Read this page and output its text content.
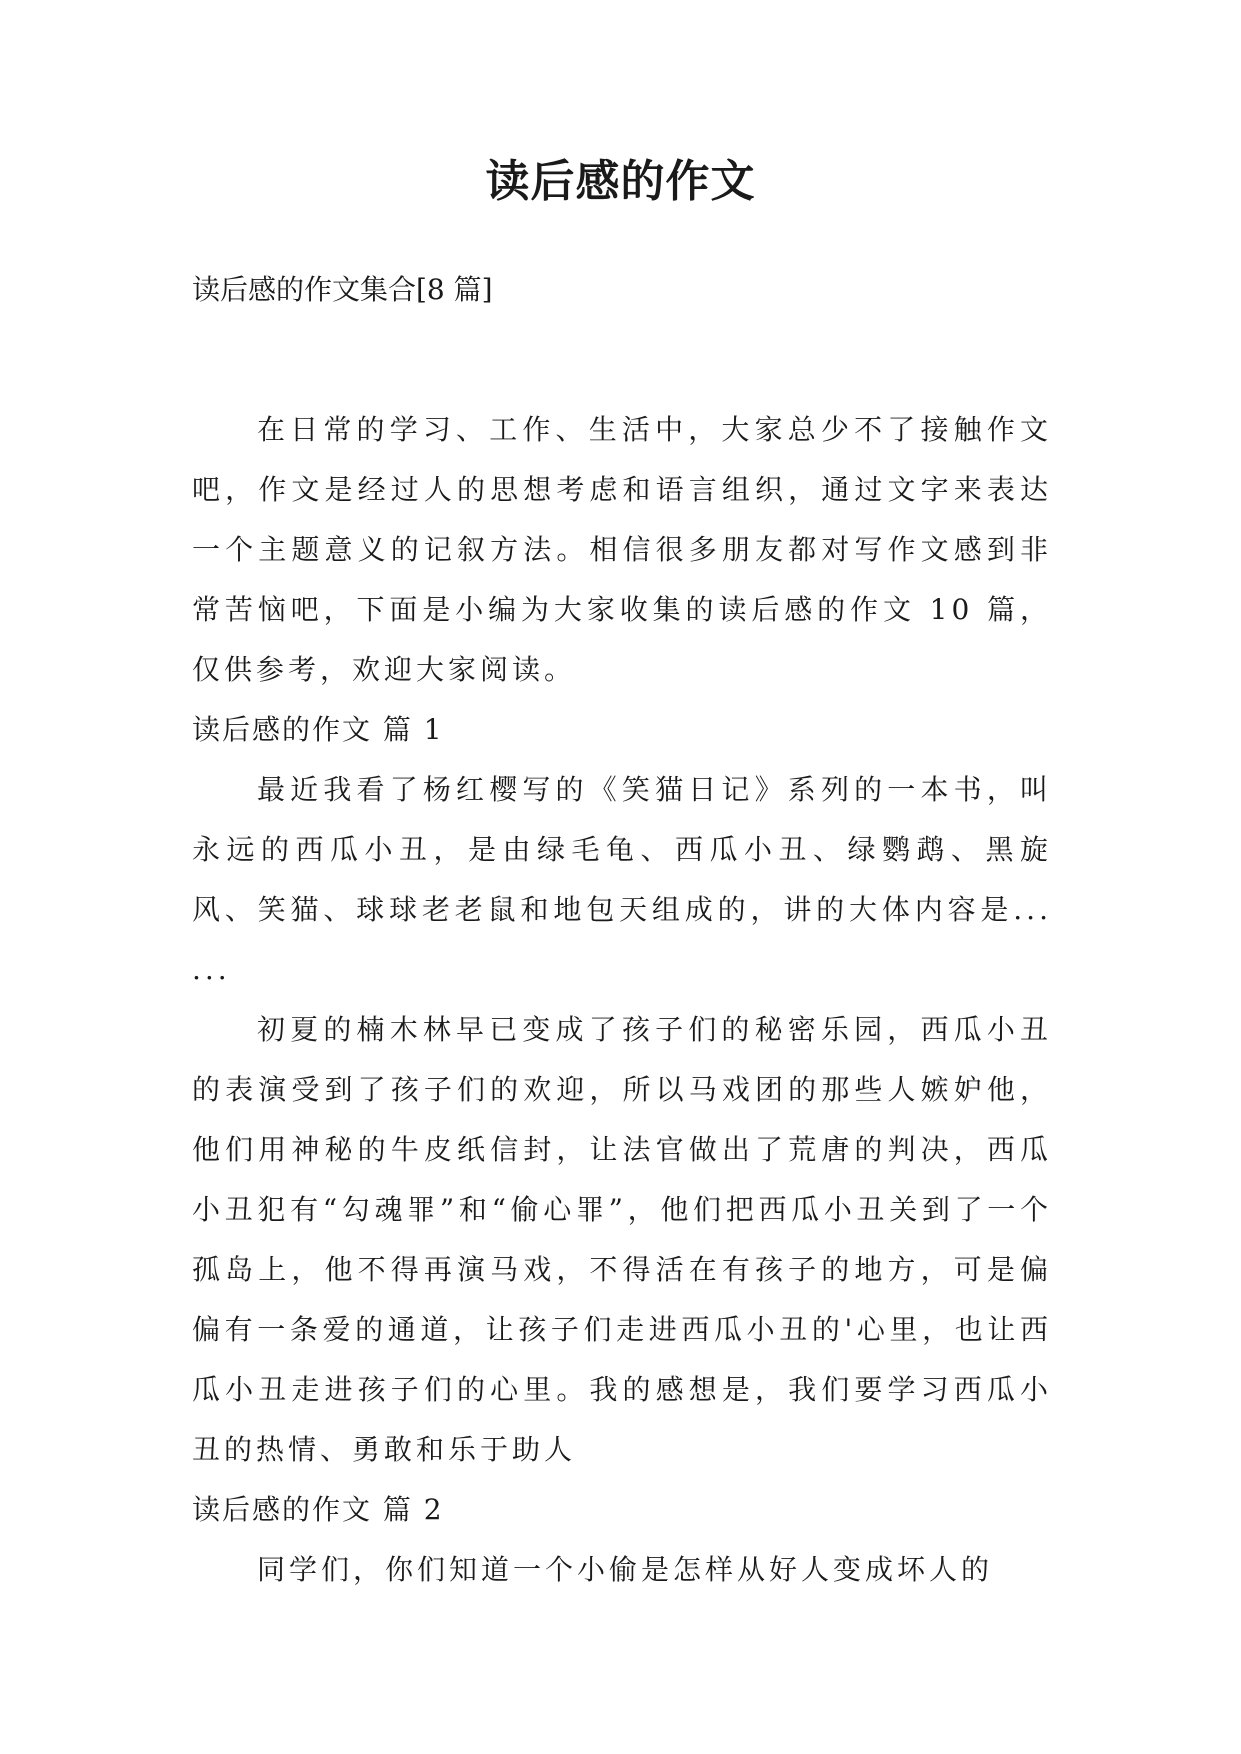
读后感的作文
读后感的作文集合[8 篇]

在日常的学习、工作、生活中，大家总少不了接触作文吧，作文是经过人的思想考虑和语言组织，通过文字来表达一个主题意义的记叙方法。相信很多朋友都对写作文感到非常苦恼吧，下面是小编为大家收集的读后感的作文 10 篇，仅供参考，欢迎大家阅读。

读后感的作文 篇 1

最近我看了杨红樱写的《笑猫日记》系列的一本书，叫永远的西瓜小丑，是由绿毛龟、西瓜小丑、绿鹦鹉、黑旋风、笑猫、球球老老鼠和地包天组成的，讲的大体内容是... ...

初夏的楠木林早已变成了孩子们的秘密乐园，西瓜小丑的表演受到了孩子们的欢迎，所以马戏团的那些人嫉妒他，他们用神秘的牛皮纸信封，让法官做出了荒唐的判决，西瓜小丑犯有“勾魂罪”和“偷心罪”，他们把西瓜小丑关到了一个孤岛上，他不得再演马戏，不得活在有孩子的地方，可是偏偏有一条爱的通道，让孩子们走进西瓜小丑的'心里，也让西瓜小丑走进孩子们的心里。我的感想是，我们要学习西瓜小丑的热情、勇敢和乐于助人

读后感的作文 篇 2

同学们，你们知道一个小偷是怎样从好人变成坏人的
